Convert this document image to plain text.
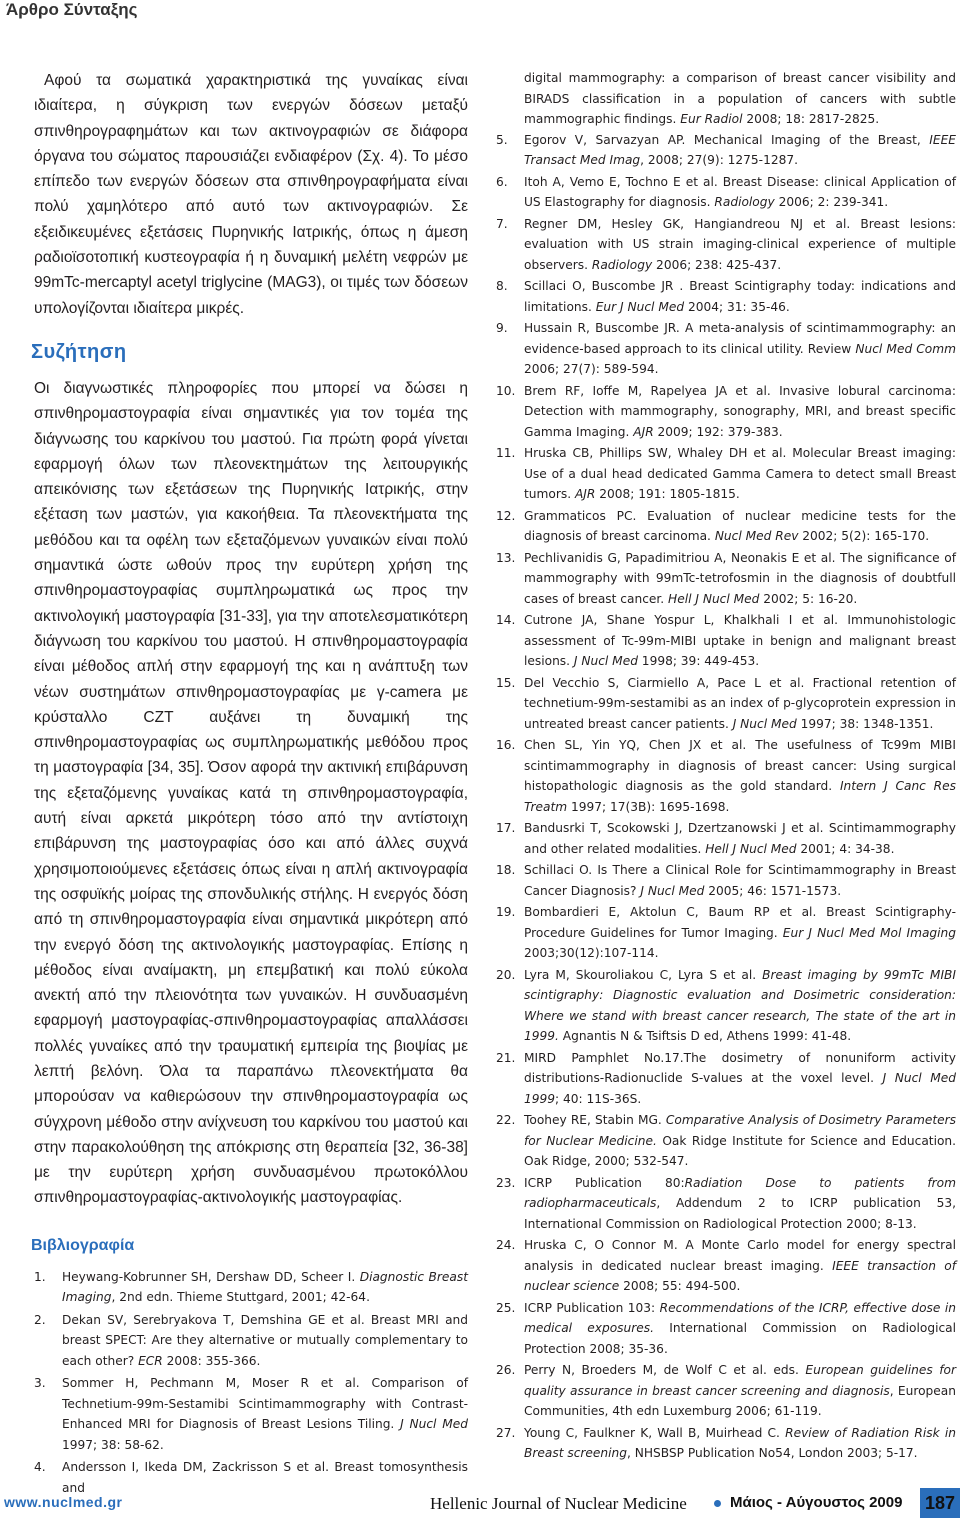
Άρθρο Σύνταξης

Αφού τα σωματικά χαρακτηριστικά της γυναίκας είναι ιδιαίτερα, η σύγκριση των ενεργών δόσεων μεταξύ σπινθηρογραφημάτων και των ακτινογραφιών σε διάφορα όργανα του σώματος παρουσιάζει ενδιαφέρον (Σχ. 4). Το μέσο επίπεδο των ενεργών δόσεων στα σπινθηρογραφήματα είναι πολύ χαμηλότερο από αυτό των ακτινογραφιών. Σε εξειδικευμένες εξετάσεις Πυρηνικής Ιατρικής, όπως η άμεση ραδιοϊσοτοπική κυστεογραφία ή η δυναμική μελέτη νεφρών με 99mTc-mercaptyl acetyl triglycine (MAG3), οι τιμές των δόσεων υπολογίζονται ιδιαίτερα μικρές.

Συζήτηση

Οι διαγνωστικές πληροφορίες που μπορεί να δώσει η σπινθηρομαστογραφία είναι σημαντικές για τον τομέα της διάγνωσης του καρκίνου του μαστού. Για πρώτη φορά γίνεται εφαρμογή όλων των πλεονεκτημάτων της λειτουργικής απεικόνισης των εξετάσεων της Πυρηνικής Ιατρικής, στην εξέταση των μαστών, για κακοήθεια. Τα πλεονεκτήματα της μεθόδου και τα οφέλη των εξεταζόμενων γυναικών είναι πολύ σημαντικά ώστε ωθούν προς την ευρύτερη χρήση της σπινθηρομαστογραφίας συμπληρωματικά ως προς την ακτινολογική μαστογραφία [31-33], για την αποτελεσματικότερη διάγνωση του καρκίνου του μαστού. Η σπινθηρομαστογραφία είναι μέθοδος απλή στην εφαρμογή της και η ανάπτυξη των νέων συστημάτων σπινθηρομαστογραφίας με γ-camera με κρύσταλλο CZT αυξάνει τη δυναμική της σπινθηρομαστογραφίας ως συμπληρωματικής μεθόδου προς τη μαστογραφία [34, 35]. Όσον αφορά την ακτινική επιβάρυνση της εξεταζόμενης γυναίκας κατά τη σπινθηρομαστογραφία, αυτή είναι αρκετά μικρότερη τόσο από την αντίστοιχη επιβάρυνση της μαστογραφίας όσο και από άλλες συχνά χρησιμοποιούμενες εξετάσεις όπως είναι η απλή ακτινογραφία της οσφυϊκής μοίρας της σπονδυλικής στήλης. Η ενεργός δόση από τη σπινθηρομαστογραφία είναι σημαντικά μικρότερη από την ενεργό δόση της ακτινολογικής μαστογραφίας. Επίσης η μέθοδος είναι αναίμακτη, μη επεμβατική και πολύ εύκολα ανεκτή από την πλειονότητα των γυναικών. Η συνδυασμένη εφαρμογή μαστογραφίας-σπινθηρομαστογραφίας απαλλάσσει πολλές γυναίκες από την τραυματική εμπειρία της βιοψίας με λεπτή βελόνη. Όλα τα παραπάνω πλεονεκτήματα θα μπορούσαν να καθιερώσουν την σπινθηρομαστογραφία ως σύγχρονη μέθοδο στην ανίχνευση του καρκίνου του μαστού και στην παρακολούθηση της απόκρισης στη θεραπεία [32, 36-38] με την ευρύτερη χρήση συνδυασμένου πρωτοκόλλου σπινθηρομαστογραφίας-ακτινολογικής μαστογραφίας.

Βιβλιογραφία
1.	Heywang-Kobrunner SH, Dershaw DD, Scheer I. Diagnostic Breast Imaging, 2nd edn. Thieme Stuttgard, 2001; 42-64.
2.	Dekan SV, Serebryakova T, Demshina GE et al. Breast MRI and breast SPECT: Are they alternative or mutually complementary to each other? ECR 2008: 355-366.
3.	Sommer H, Pechmann M, Moser R et al. Comparison of Technetium-99m-Sestamibi Scintimammography with Contrast-Enhanced MRI for Diagnosis of Breast Lesions Tiling. J Nucl Med 1997; 38: 58-62.
4.	Andersson I, Ikeda DM, Zackrisson S et al. Breast tomosynthesis and
digital mammography: a comparison of breast cancer visibility and BIRADS classification in a population of cancers with subtle mammographic findings. Eur Radiol 2008; 18: 2817-2825.
5.	Egorov V, Sarvazyan AP. Mechanical Imaging of the Breast, IEEE Transact Med Imag, 2008; 27(9): 1275-1287.
6.	Itoh A, Vemo E, Tochno E et al. Breast Disease: clinical Application of US Elastography for diagnosis. Radiology 2006; 2: 239-341.
7.	Regner DM, Hesley GK, Hangiandreou NJ et al. Breast lesions: evaluation with US strain imaging-clinical experience of multiple observers. Radiology 2006; 238: 425-437.
8.	Scillaci O, Buscombe JR . Breast Scintigraphy today: indications and limitations. Eur J Nucl Med 2004; 31: 35-46.
9.	Hussain R, Buscombe JR. A meta-analysis of scintimammography: an evidence-based approach to its clinical utility. Review Nucl Med Comm 2006; 27(7): 589-594.
10. Brem RF, Ioffe M, Rapelyea JA et al. Invasive lobural carcinoma: Detection with mammography, sonography, MRI, and breast specific Gamma Imaging. AJR 2009; 192: 379-383.
11. Hruska CB, Phillips SW, Whaley DH et al. Molecular Breast imaging: Use of a dual head dedicated Gamma Camera to detect small Breast tumors. AJR 2008; 191: 1805-1815.
12. Grammaticos PC. Evaluation of nuclear medicine tests for the diagnosis of breast carcinoma. Nucl Med Rev 2002; 5(2): 165-170.
13. Pechlivanidis G, Papadimitriou A, Neonakis E et al. The significance of mammography with 99mTc-tetrofosmin in the diagnosis of doubtfull cases of breast cancer. Hell J Nucl Med 2002; 5: 16-20.
14. Cutrone JA, Shane Yospur L, Khalkhali I et al. Immunohistologic assessment of Tc-99m-MIBI uptake in benign and malignant breast lesions. J Nucl Med 1998; 39: 449-453.
15. Del Vecchio S, Ciarmiello A, Pace L et al. Fractional retention of technetium-99m-sestamibi as an index of p-glycoprotein expression in untreated breast cancer patients. J Nucl Med 1997; 38: 1348-1351.
16. Chen SL, Yin YQ, Chen JX et al. The usefulness of Tc99m MIBI scintimammography in diagnosis of breast cancer: Using surgical histopathologic diagnosis as the gold standard. Intern J Canc Res Treatm 1997; 17(3B): 1695-1698.
17. Bandusrki T, Scokowski J, Dzertzanowski J et al. Scintimammography and other related modalities. Hell J Nucl Med 2001; 4: 34-38.
18. Schillaci O. Is There a Clinical Role for Scintimammography in Breast Cancer Diagnosis? J Nucl Med 2005; 46: 1571-1573.
19. Bombardieri E, Aktolun C, Baum RP et al. Breast Scintigraphy-Procedure Guidelines for Tumor Imaging. Eur J Nucl Med Mol Imaging 2003;30(12):107-114.
20. Lyra M, Skouroliakou C, Lyra S et al. Breast imaging by 99mTc MIBI scintigraphy: Diagnostic evaluation and Dosimetric consideration: Where we stand with breast cancer research, The state of the art in 1999. Agnantis N & Tsiftsis D ed, Athens 1999: 41-48.
21. MIRD Pamphlet No.17.The dosimetry of nonuniform activity distributions-Radionuclide S-values at the voxel level. J Nucl Med 1999; 40: 11S-36S.
22. Toohey RE, Stabin MG. Comparative Analysis of Dosimetry Parameters for Nuclear Medicine. Oak Ridge Institute for Science and Education. Oak Ridge, 2000; 532-547.
23. ICRP Publication 80:Radiation Dose to patients from radiopharmaceuticals, Addendum 2 to ICRP publication 53, International Commission on Radiological Protection 2000; 8-13.
24. Hruska C, O Connor M. A Monte Carlo model for energy spectral analysis in dedicated nuclear breast imaging. IEEE transaction of nuclear science 2008; 55: 494-500.
25. ICRP Publication 103: Recommendations of the ICRP, effective dose in medical exposures. International Commission on Radiological Protection 2008; 35-36.
26. Perry N, Broeders M, de Wolf C et al. eds. European guidelines for quality assurance in breast cancer screening and diagnosis, European Communities, 4th edn Luxemburg 2006; 61-119.
27. Young C, Faulkner K, Wall B, Muirhead C. Review of Radiation Risk in Breast screening, NHSBSP Publication No54, London 2003; 5-17.
www.nuclmed.gr	Hellenic Journal of Nuclear Medicine	Μάιος - Αύγουστος 2009 187
